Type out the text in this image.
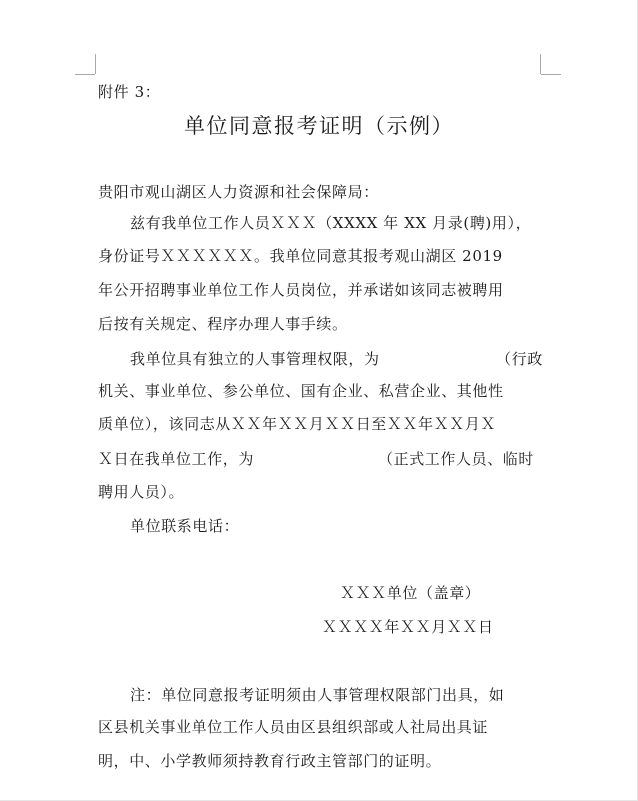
附件 3：
单位同意报考证明（示例）
贵阳市观山湖区人力资源和社会保障局：
兹有我单位工作人员ＸＸＸ（XXXX 年 XX 月录(聘)用），
身份证号ＸＸＸＸＸＸ。我单位同意其报考观山湖区 2019
年公开招聘事业单位工作人员岗位，并承诺如该同志被聘用
后按有关规定、程序办理人事手续。
我单位具有独立的人事管理权限，为	（行政
机关、事业单位、参公单位、国有企业、私营企业、其他性
质单位），该同志从ＸＸ年ＸＸ月ＸＸ日至ＸＸ年ＸＸ月Ｘ
Ｘ日在我单位工作，为	（正式工作人员、临时
聘用人员）。
单位联系电话：
ＸＸＸ单位（盖章）
ＸＸＸＸ年ＸＸ月ＸＸ日
注：单位同意报考证明须由人事管理权限部门出具，如
区县机关事业单位工作人员由区县组织部或人社局出具证
明，中、小学教师须持教育行政主管部门的证明。
